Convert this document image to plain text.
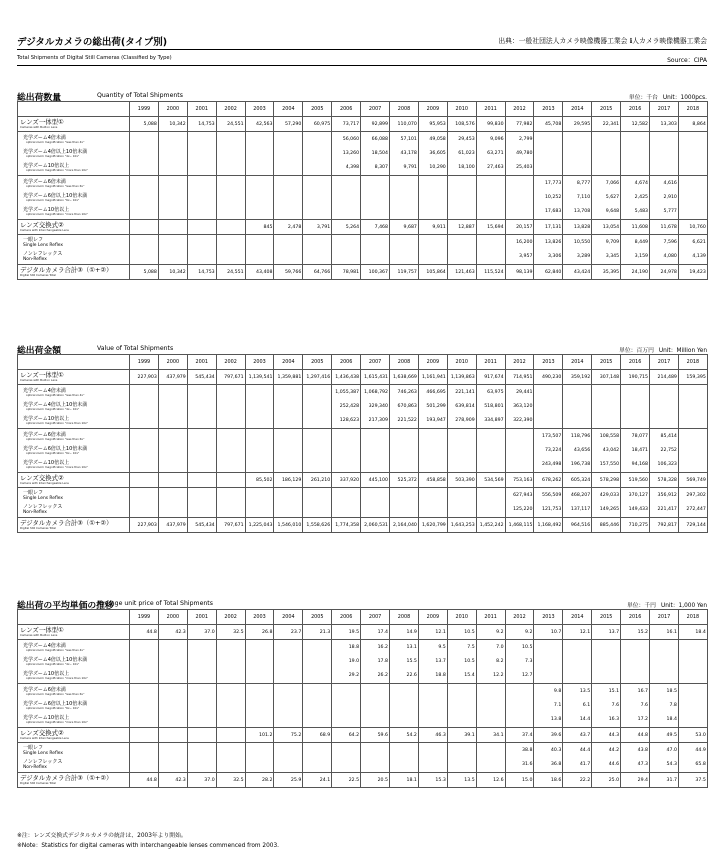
デジタルカメラの総出荷(タイプ別)	出典：一般社団法人カメラ映像機器工業会 ℹ人カメラ映像機器工業会
Total Shipments of Digital Still Cameras (Classified by Type)	Source：CIPA
総出荷数量	Quantity of Total Shipments	単位：千台 Unit：1000pcs.
	1999	2000	2001	2002	2003	2004	2005	2006	2007	2008	2009	2010	2011	2012	2013	2014	2015	2016	2017	2018

レンズ一体型①
Cameras with Built-in Lens	5,088	10,342	14,753	24,551	42,563	57,290	60,975	73,717	92,899	110,070	95,953	108,576	99,830	77,982	45,708	29,595	22,341	12,582	13,303	8,864

光学ズーム4倍未満
optical zoom magnification "less than 4x"								56,060	66,088	57,101	49,058	29,453	9,096	2,799						

光学ズーム4倍以上10倍未満
optical zoom magnification "4x~ 10x"								13,260	18,504	43,178	36,605	61,023	63,271	49,780						

光学ズーム10倍以上
optical zoom magnification "more than 10x"								4,398	8,307	9,791	10,290	18,100	27,463	25,403						

光学ズーム6倍未満
optical zoom magnification "less than 6x"															17,773	8,777	7,066	4,674	4,616	

光学ズーム6倍以上10倍未満
optical zoom magnification "6x~ 10x"															10,252	7,110	5,627	2,425	2,910	

光学ズーム10倍以上
optical zoom magnification "more than 10x"															17,683	13,708	9,648	5,483	5,777	

レンズ交換式②
Camera with Interchangeable Lens					845	2,478	3,791	5,264	7,468	9,687	9,911	12,887	15,694	20,157	17,131	13,828	13,054	11,608	11,678	10,760

一眼レフ
Single Lens Reflex														16,200	13,826	10,550	9,709	8,449	7,596	6,621

ノンレフレックス
Non-Reflex														3,957	3,306	3,289	3,345	3,159	4,080	4,139

デジタルカメラ合計③（①+②）
Digital Still Cameras Total	5,088	10,342	14,753	24,551	43,408	59,766	64,766	78,981	100,367	119,757	105,864	121,463	115,524	98,139	62,840	43,424	35,395	24,190	24,978	19,423
総出荷金額	Value of Total Shipments	単位：百万円 Unit：Million Yen
	1999	2000	2001	2002	2003	2004	2005	2006	2007	2008	2009	2010	2011	2012	2013	2014	2015	2016	2017	2018

レンズ一体型①
Cameras with Built-in Lens	227,903	437,979	545,434	797,671	1,139,541	1,359,881	1,297,416	1,436,438	1,615,431	1,638,669	1,161,941	1,139,863	917,674	714,951	490,230	359,192	307,148	190,715	214,489	159,395

光学ズーム4倍未満
optical zoom magnification "less than 4x"								1,055,387	1,068,792	746,263	466,695	221,141	63,975	29,441						

光学ズーム4倍以上10倍未満
optical zoom magnification "4x~ 10x"								252,428	329,340	670,863	501,299	639,814	518,801	363,120						

光学ズーム10倍以上
optical zoom magnification "more than 10x"								128,623	217,309	221,522	193,947	278,909	334,897	322,390						

光学ズーム6倍未満
optical zoom magnification "less than 6x"															173,507	118,796	108,558	78,077	85,414	

光学ズーム6倍以上10倍未満
optical zoom magnification "6x~ 10x"															73,224	43,656	43,042	18,471	22,752	

光学ズーム10倍以上
optical zoom magnification "more than 10x"															243,498	196,738	157,550	94,168	106,323	

レンズ交換式②
Camera with Interchangeable Lens					85,502	186,129	261,210	337,920	445,100	525,372	458,858	503,390	534,569	753,163	678,262	605,324	578,298	519,560	578,328	569,749

一眼レフ
Single Lens Reflex														627,943	556,509	468,207	429,033	370,127	356,912	297,302

ノンレフレックス
Non-Reflex														125,220	121,753	137,117	149,265	149,433	221,417	272,447

デジタルカメラ合計③（①+②）
Digital Still Cameras Total	227,903	437,979	545,434	797,671	1,225,043	1,546,010	1,558,626	1,774,358	2,060,531	2,164,040	1,620,799	1,643,253	1,452,242	1,468,115	1,168,492	964,516	885,446	710,275	792,817	729,144
総出荷の平均単価の推移
Average unit price of Total Shipments	単位：千円 Unit：1,000 Yen
	1999	2000	2001	2002	2003	2004	2005	2006	2007	2008	2009	2010	2011	2012	2013	2014	2015	2016	2017	2018

レンズ一体型①
Cameras with Built-in Lens	44.8	42.3	37.0	32.5	26.8	23.7	21.3	19.5	17.4	14.9	12.1	10.5	9.2	9.2	10.7	12.1	13.7	15.2	16.1	18.4

光学ズーム4倍未満
optical zoom magnification "less than 4x"								18.8	16.2	13.1	9.5	7.5	7.0	10.5						

光学ズーム4倍以上10倍未満
optical zoom magnification "4x~ 10x"								19.0	17.8	15.5	13.7	10.5	8.2	7.3						

光学ズーム10倍以上
optical zoom magnification "more than 10x"								29.2	26.2	22.6	18.8	15.4	12.2	12.7						

光学ズーム6倍未満
optical zoom magnification "less than 6x"															9.8	13.5	15.1	16.7	18.5	

光学ズーム6倍以上10倍未満
optical zoom magnification "6x~ 10x"															7.1	6.1	7.6	7.6	7.8	

光学ズーム10倍以上
optical zoom magnification "more than 10x"															13.8	14.4	16.3	17.2	18.4	

レンズ交換式②
Camera with Interchangeable Lens					101.2	75.2	68.9	64.2	59.6	54.2	46.3	39.1	34.1	37.4	39.6	43.7	44.3	44.8	49.5	53.0

一眼レフ
Single Lens Reflex														38.8	40.3	44.4	44.2	43.8	47.0	44.9

ノンレフレックス
Non-Reflex														31.6	36.8	41.7	44.6	47.3	54.3	65.8

デジタルカメラ合計③（①+②）
Digital Still Cameras Total	44.8	42.3	37.0	32.5	28.2	25.9	24.1	22.5	20.5	18.1	15.3	13.5	12.6	15.0	18.6	22.2	25.0	29.4	31.7	37.5
※注：レンズ交換式デジタルカメラの統計は、2003年より開始。
※Note：Statistics for digital cameras with interchangeable lenses commenced from 2003.
